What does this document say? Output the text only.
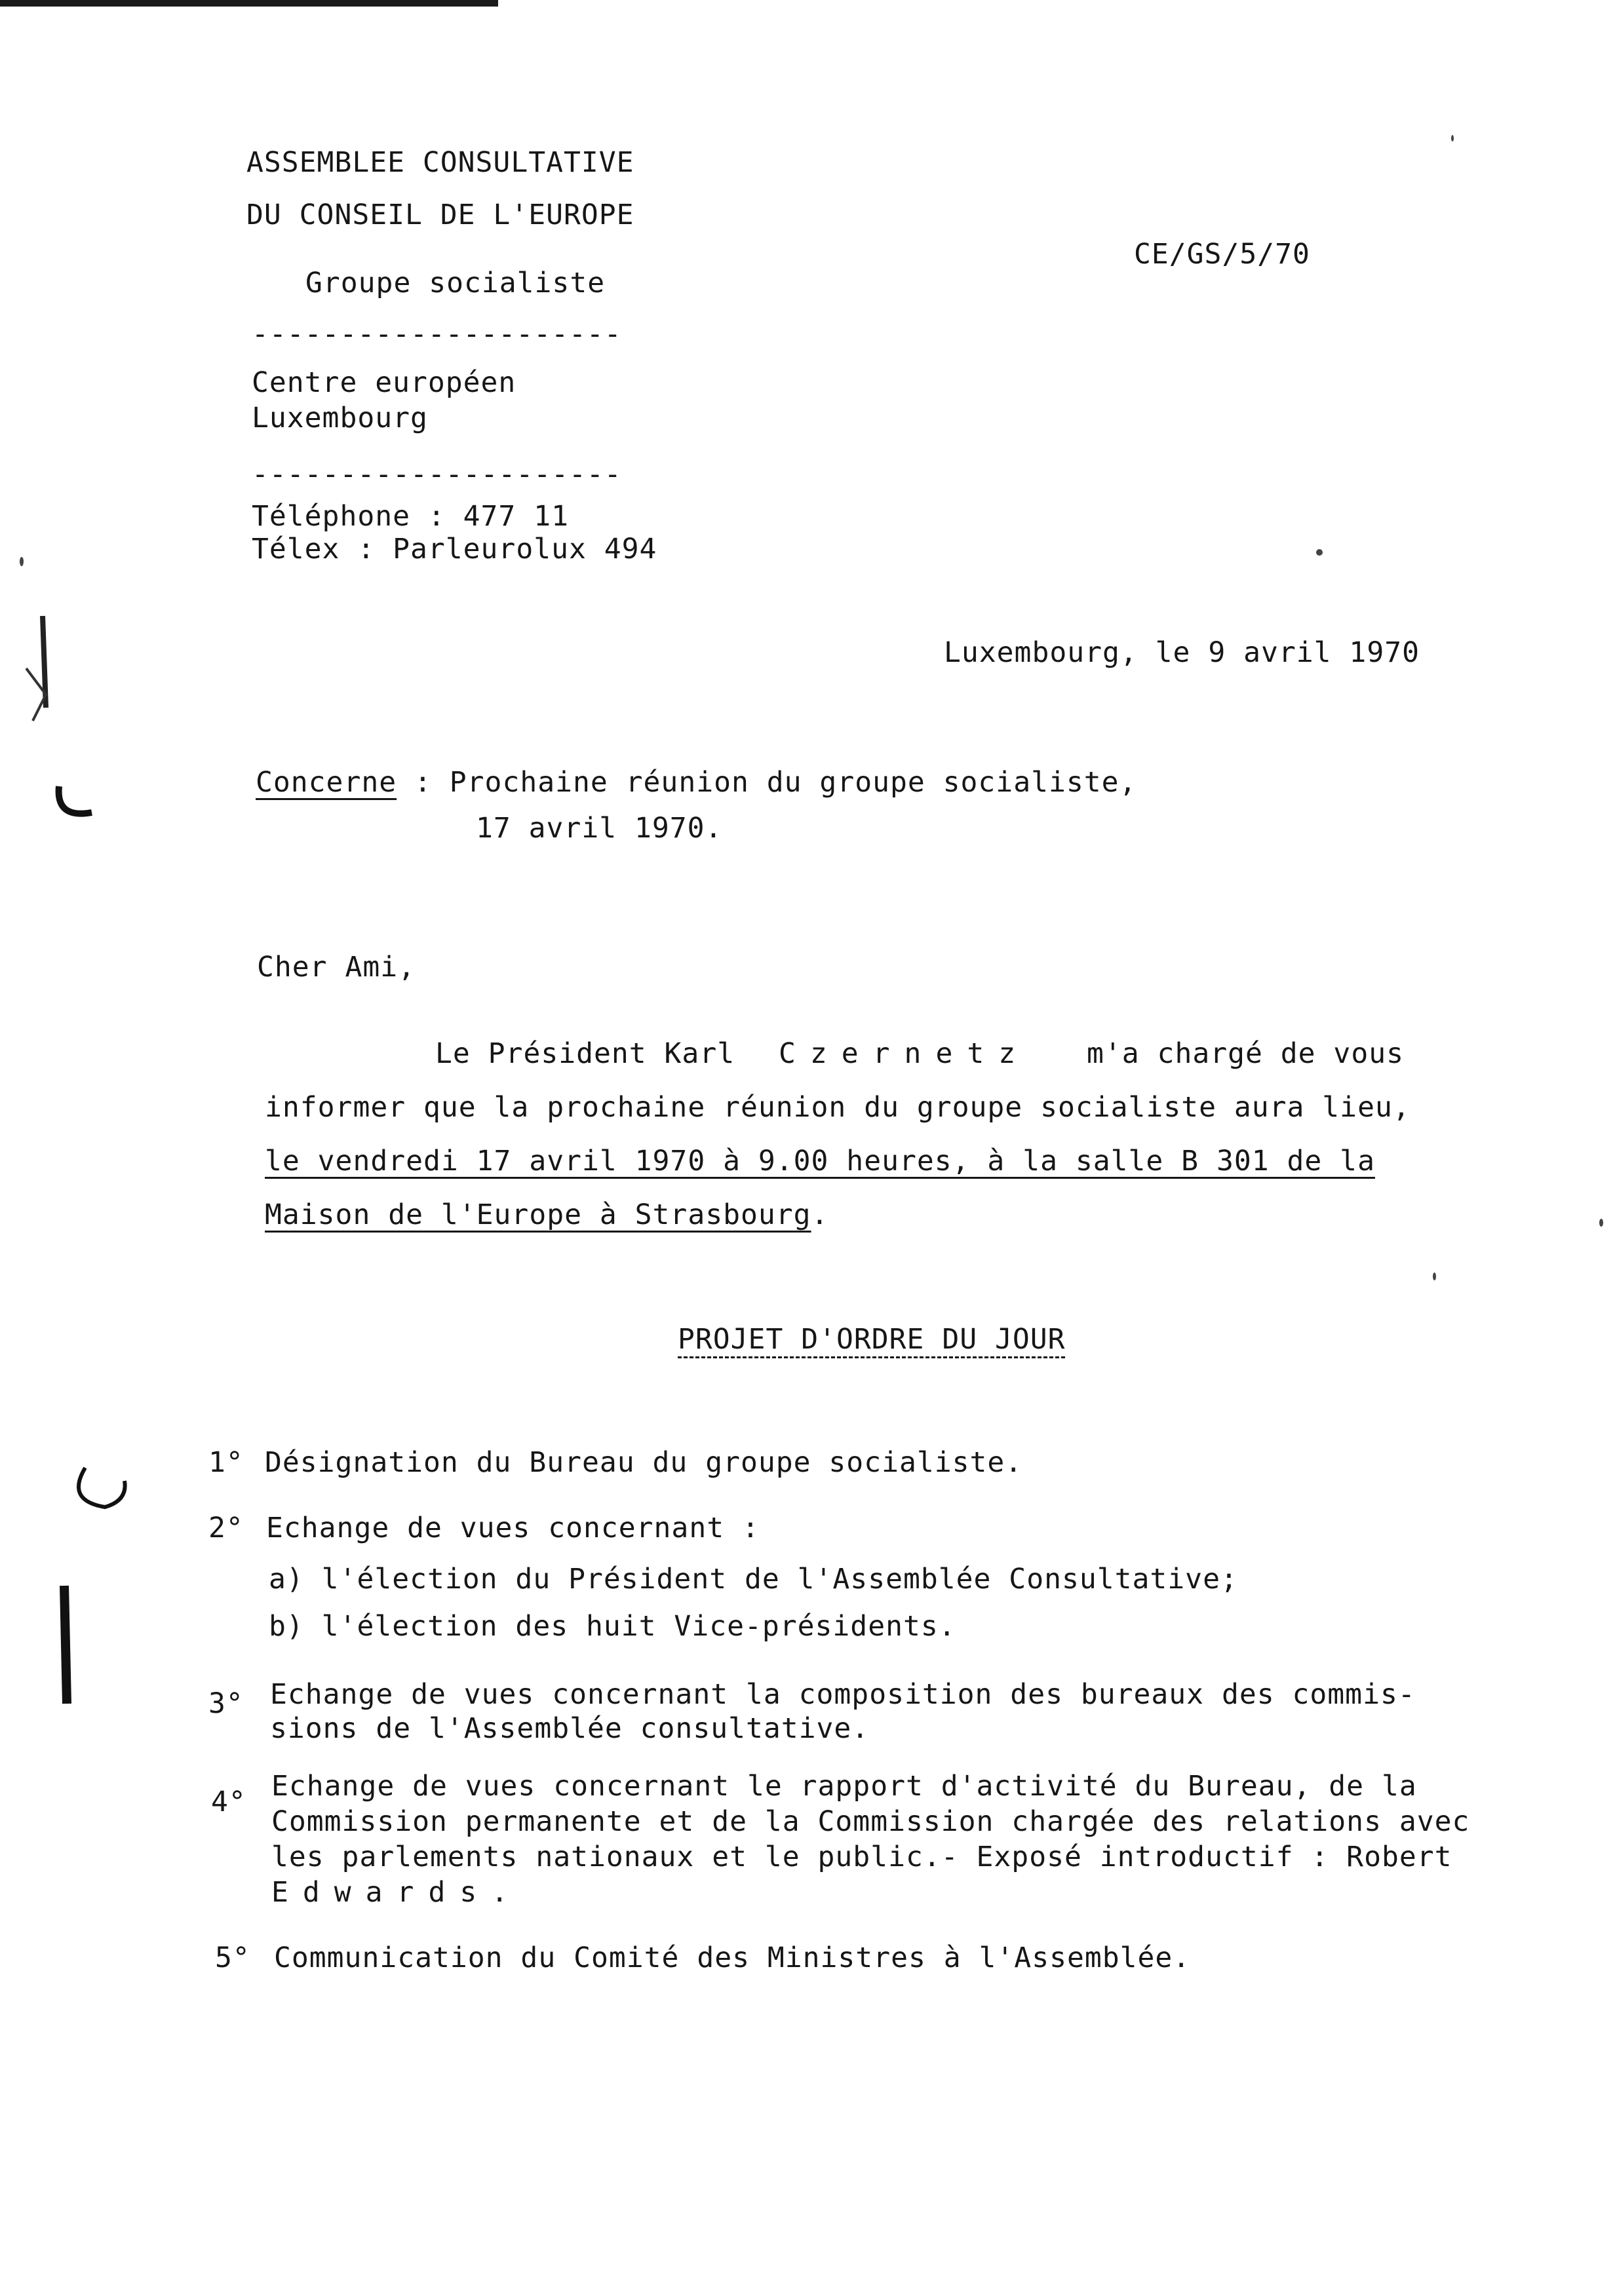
ASSEMBLEE CONSULTATIVE
DU CONSEIL DE L'EUROPE
Groupe socialiste
---------------------
Centre européen
Luxembourg
---------------------
Téléphone : 477 11
Télex : Parleurolux 494
CE/GS/5/70
Luxembourg, le 9 avril 1970
Concerne : Prochaine réunion du groupe socialiste,
17 avril 1970.
Cher Ami,
Le Président Karl Czernetz m'a chargé de vous
informer que la prochaine réunion du groupe socialiste aura lieu,
le vendredi 17 avril 1970 à 9.00 heures, à la salle B 301 de la
Maison de l'Europe à Strasbourg.
PROJET D'ORDRE DU JOUR
1° Désignation du Bureau du groupe socialiste.
2° Echange de vues concernant :
a) l'élection du Président de l'Assemblée Consultative;
b) l'élection des huit Vice-présidents.
3° Echange de vues concernant la composition des bureaux des commis-
sions de l'Assemblée consultative.
4° Echange de vues concernant le rapport d'activité du Bureau, de la
Commission permanente et de la Commission chargée des relations avec
les parlements nationaux et le public.- Exposé introductif : Robert
Edwards.
5° Communication du Comité des Ministres à l'Assemblée.
